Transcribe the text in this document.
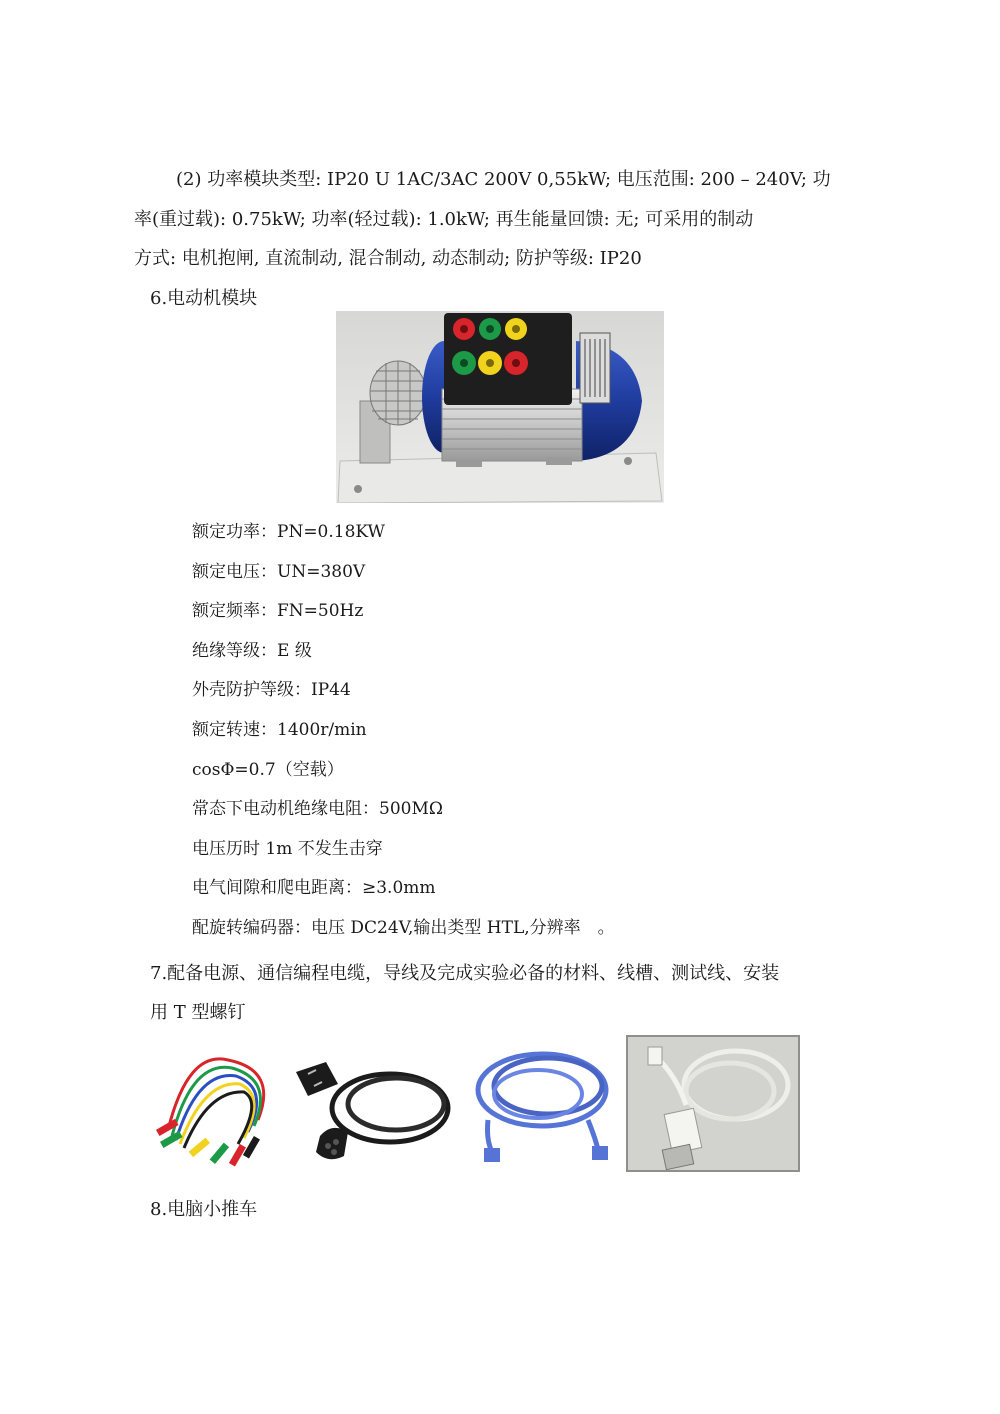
(2) 功率模块类型: IP20 U 1AC/3AC 200V 0,55kW; 电压范围: 200 – 240V; 功
率(重过载): 0.75kW; 功率(轻过载): 1.0kW; 再生能量回馈: 无; 可采用的制动
方式: 电机抱闸, 直流制动, 混合制动, 动态制动; 防护等级: IP20
6.电动机模块
额定功率：PN=0.18KW
额定电压：UN=380V
额定频率：FN=50Hz
绝缘等级：E 级
外壳防护等级：IP44
额定转速：1400r/min
cosΦ=0.7（空载）
常态下电动机绝缘电阻：500MΩ
电压历时 1m 不发生击穿
电气间隙和爬电距离：≥3.0mm
配旋转编码器：电压 DC24V,输出类型 HTL,分辨率　。
7.配备电源、通信编程电缆，导线及完成实验必备的材料、线槽、测试线、安装
用 T 型螺钉
8.电脑小推车
